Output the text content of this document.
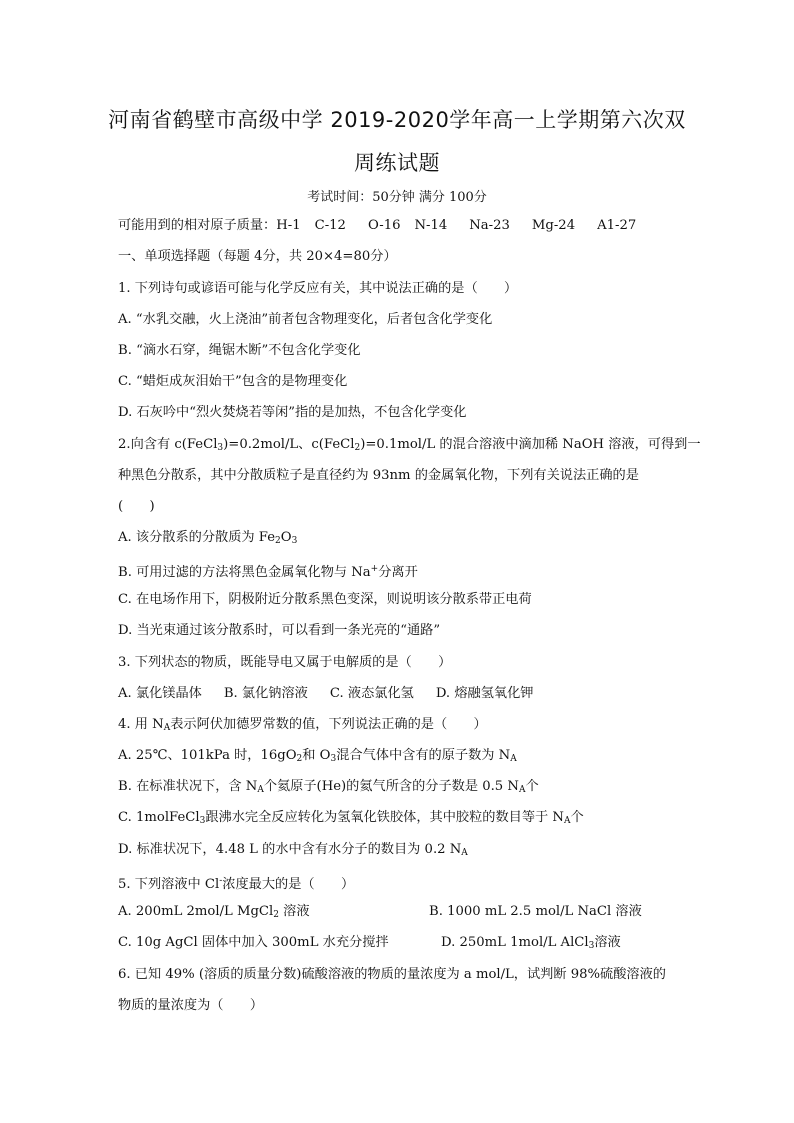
河南省鹤壁市高级中学 2019-2020学年高一上学期第六次双
周练试题
考试时间：50分钟 满分 100分
可能用到的相对原子质量：H-1 C-12 O-16 N-14 Na-23 Mg-24 A1-27
一、单项选择题（每题 4分，共 20×4=80分）
1. 下列诗句或谚语可能与化学反应有关，其中说法正确的是（　　）
A. “水乳交融，火上浇油”前者包含物理变化，后者包含化学变化
B. “滴水石穿，绳锯木断”不包含化学变化
C. “蜡炬成灰泪始干”包含的是物理变化
D. 石灰吟中“烈火焚烧若等闲”指的是加热，不包含化学变化
2.向含有 c(FeCl$_3$)=0.2mol/L、c(FeCl$_2$)=0.1mol/L 的混合溶液中滴加稀 NaOH 溶液，可得到一
种黑色分散系，其中分散质粒子是直径约为 93nm 的金属氧化物，下列有关说法正确的是
(　　)
A. 该分散系的分散质为 $Fe_2O_3$
B. 可用过滤的方法将黑色金属氧化物与 Na+分离开
C. 在电场作用下，阴极附近分散系黑色变深，则说明该分散系带正电荷
D. 当光束通过该分散系时，可以看到一条光亮的“通路”
3. 下列状态的物质，既能导电又属于电解质的是（　　）
A. 氯化镁晶体 B. 氯化钠溶液 C. 液态氯化氢 D. 熔融氢氧化钾
4. 用 $N_A$表示阿伏加德罗常数的值，下列说法正确的是（　　）
A. 25℃、101kPa 时，$16gO_2$和 $O_3$混合气体中含有的原子数为 $N_A$
B. 在标准状况下，含 $N_A$个氦原子(He)的氦气所含的分子数是 0.5 $N_A$个
C. 1molFeCl$_3$跟沸水完全反应转化为氢氧化铁胶体，其中胶粒的数目等于 $N_A$个
D. 标准状况下，4.48 L 的水中含有水分子的数目为 0.2 $N_A$
5. 下列溶液中 Cl-浓度最大的是（　　）
A. 200mL 2mol/L MgCl$_2$ 溶液	B. 1000 mL 2.5 mol/L NaCl 溶液
C. 10g AgCl 固体中加入 300mL 水充分搅拌	D. 250mL 1mol/L AlCl$_3$溶液
6. 已知 49% (溶质的质量分数)硫酸溶液的物质的量浓度为 a mol/L，试判断 98%硫酸溶液的
物质的量浓度为（　　）
